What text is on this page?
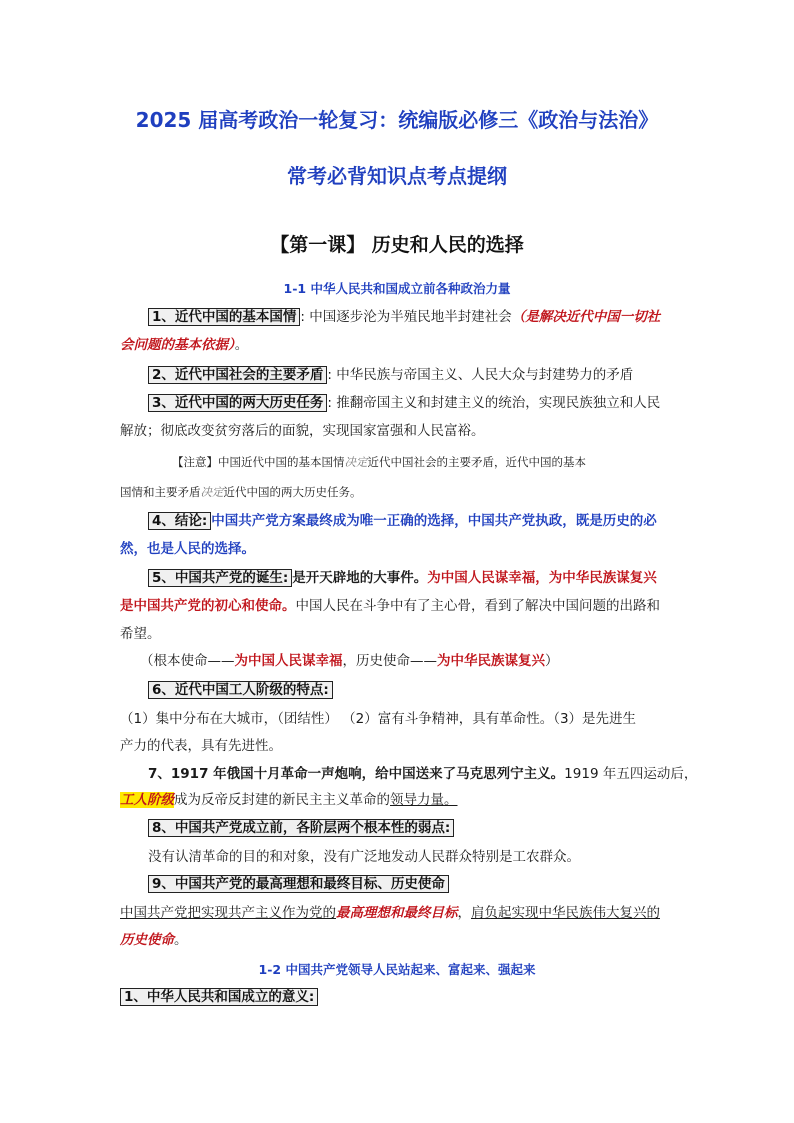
2025 届高考政治一轮复习：统编版必修三《政治与法治》
常考必背知识点考点提纲
【第一课】 历史和人民的选择
1-1 中华人民共和国成立前各种政治力量
1、近代中国的基本国情 : 中国逐步沦为半殖民地半封建社会（是解决近代中国一切社
会问题的基本依据）。
2、近代中国社会的主要矛盾 : 中华民族与帝国主义、人民大众与封建势力的矛盾
3、近代中国的两大历史任务 : 推翻帝国主义和封建主义的统治，实现民族独立和人民
解放；彻底改变贫穷落后的面貌，实现国家富强和人民富裕。
【注意】中国近代中国的基本国情决定近代中国社会的主要矛盾，近代中国的基本
国情和主要矛盾决定近代中国的两大历史任务。
4、结论: 中国共产党方案最终成为唯一正确的选择，中国共产党执政，既是历史的必
然，也是人民的选择。
5、中国共产党的诞生: 是开天辟地的大事件。为中国人民谋幸福，为中华民族谋复兴
是中国共产党的初心和使命。中国人民在斗争中有了主心骨，看到了解决中国问题的出路和
希望。
（根本使命——为中国人民谋幸福，历史使命——为中华民族谋复兴）
6、近代中国工人阶级的特点:
（1）集中分布在大城市，（团结性） （2）富有斗争精神，具有革命性。（3）是先进生
产力的代表，具有先进性。
7、1917 年俄国十月革命一声炮响，给中国送来了马克思列宁主义。1919 年五四运动后，
工人阶级成为反帝反封建的新民主主义革命的领导力量。
8、中国共产党成立前，各阶层两个根本性的弱点:
没有认清革命的目的和对象，没有广泛地发动人民群众特别是工农群众。
9、中国共产党的最高理想和最终目标、历史使命
中国共产党把实现共产主义作为党的最高理想和最终目标，肩负起实现中华民族伟大复兴的
历史使命。
1-2 中国共产党领导人民站起来、富起来、强起来
1、中华人民共和国成立的意义:
